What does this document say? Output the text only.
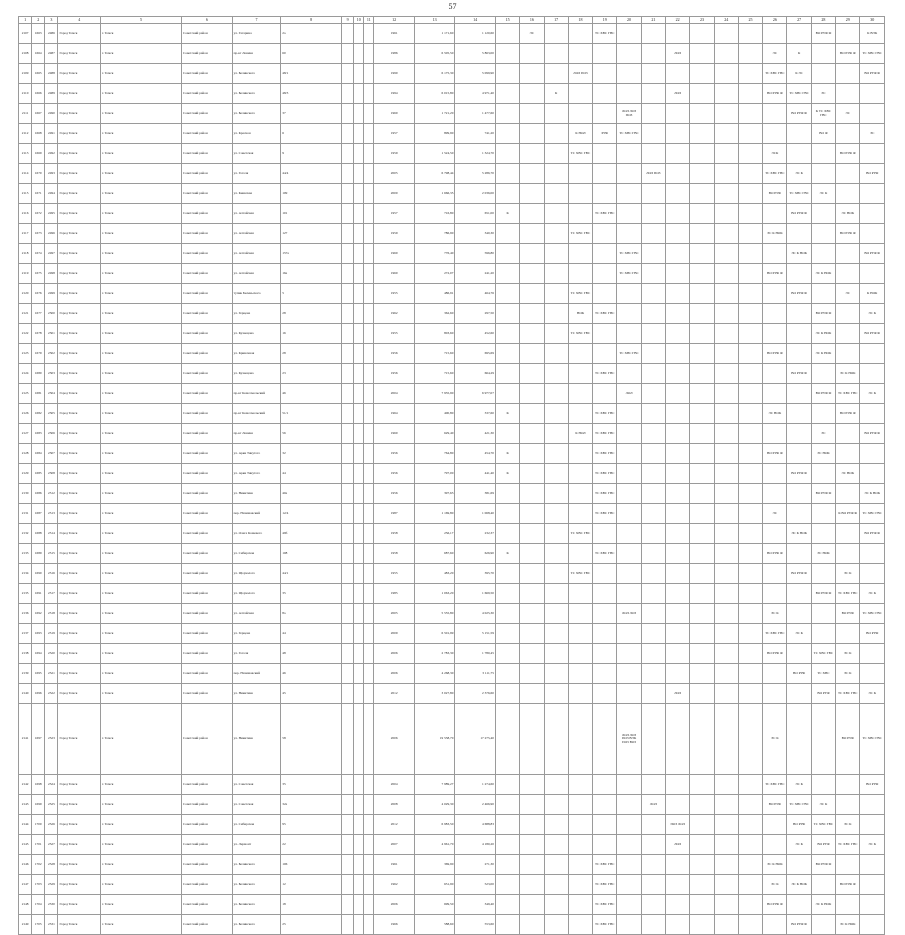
57
1	2	3	4	5	6	7	8	9	10	11	12	13	14	15	16	17	18	19	20	21	22	23	24	25	26	27	28	29	30
2107	1663	2486	Город Томск	г. Томск	Советский район	ул. Гагарина	2а				1961	1 171,60	1 120,60		ЭС			ТС ХВС ГВС									ВО РУФ Ф		К ВЭК
2108	1664	2487	Город Томск	г. Томск	Советский район	пр-кт Ленина	60				1986	6 505,50	5 863,00								ЛОЛ				ЭС	К		ВО РУФ Ф	ТС ХВС ГВС
2109	1665	2488	Город Томск	г. Томск	Советский район	ул. Белинского	48/1				1990	6 175,30	5 099,90				ЛОЛ ПОЗ								ТС ХВС ГВС	К ЭС			ВО РУФ Ф
2110	1666	2489	Город Томск	г. Томск	Советский район	ул. Белинского	48/3				1994	6 015,80	4 971,40			К					ЛОЛ				ВО РУФ Ф	ТС ХВС ГВС	ЭС		
2111	1667	2490	Город Томск	г. Томск	Советский район	ул. Белинского	37				1960	1 721,20	1 477,60						ЛОЛ ЛОЗ ПОЗ							ВО РУФ Ф	К ТС ХВС ГВС	ЭС	
2112	1668	2491	Город Томск	г. Томск	Советский район	ул. Красноя	6				1957	899,90	741,20				К НОЛ	РУФ	ТС ХВС ГВС								ВО Ф		ЭС
2113	1669	2492	Город Томск	г. Томск	Советский район	ул. Советская	9				1959	1 524,50	1 324,70				ТС ХВС ГВС								ЭСК			ВО РУФ Ф	
2114	1670	2493	Город Томск	г. Томск	Советский район	ул. Гоголя	44/4				2005	6 798,44	5 286,70							ЛОЛ ПОЗ					ТС ХВС ГВС	ЭС К			ВО РУФ
2115	1671	2494	Город Томск	г. Томск	Советский район	ул. Киевская	109				2000	1 666,35	2 036,00												ВО РУФ	ТС ХВС ГВС	ЭС К		
2116	1672	2495	Город Томск	г. Томск	Советский район	ул. Алтайская	101				1957	716,80	651,00	К				ТС ХВС ГВС								ВО РУФ Ф		ЭС НОК	
2117	1673	2496	Город Томск	г. Томск	Советский район	ул. Алтайская	127				1959	786,90	340,30				ТС ХВС ГВС								ЭС К НОК			ВО РУФ Ф	
2118	1674	2497	Город Томск	г. Томск	Советский район	ул. Алтайская	157а				1960	776,40	596,80						ТС ХВС ГВС							ЭС К НОК			ВО РУФ Ф
2119	1675	2498	Город Томск	г. Томск	Советский район	ул. Алтайская	16а				1960	272,07	241,20						ТС ХВС ГВС						ВО РУФ Ф		ЭС К НОК		
2120	1676	2499	Город Томск	г. Томск	Советский район	тупик Беленьского	5				1955	486,91	464,76				ТС ХВС ГВС									ВО РУФ Ф		ЭС	К НОК
2121	1677	2500	Город Томск	г. Томск	Советский район	ул. Герцена	28				1962	362,60	297,50				НОК	ТС ХВС ГВС									ВО РУФ Ф		ЭС К
2122	1678	2501	Город Томск	г. Томск	Советский район	ул. Кузнецова	16				1955	803,60	452,60				ТС ХВС ГВС										ЭС К НОК		ВО РУФ Ф
2123	1679	2502	Город Томск	г. Томск	Советский район	ул. Кривочная	28				1956	715,60	695,69						ТС ХВС ГВС						ВО РУФ Ф		ЭС К НОК		
2124	1680	2503	Город Томск	г. Томск	Советский район	ул. Кузнецова	23				1956	715,60	664,29					ТС ХВС ГВС								ВО РУФ Ф		ЭС К НОК	
2125	1681	2504	Город Томск	г. Томск	Советский район	пр-кт Комсомольский	46				2004	7 935,90	6 977,07						ЛОЛ								ВО РУФ Ф	ТС ХВС ГВС	ЭС К
2126	1682	2505	Город Томск	г. Томск	Советский район	пр-кт Комсомольский	51/1				1964	400,80	337,60	К				ТС ХВС ГВС							ЭС НОК			ВО РУФ Ф	
2127	1683	2506	Город Томск	г. Томск	Советский район	пр-кт Ленина	56				1960	629,40	421,30				К НОЛ	ТС ХВС ГВС									ЭС		ВО РУФ Ф
2128	1684	2507	Город Томск	г. Томск	Советский район	ул. Арки Тянутого	32				1956	764,80	454,70	К				ТС ХВС ГВС							ВО РУФ Ф		ЭС НОК		
2129	1685	2508	Город Томск	г. Томск	Советский район	ул. Арки Тянутого	44				1956	797,00	441,40	К				ТС ХВС ГВС								ВО РУФ Ф		ЭС НОК	
2130	1686	2512	Город Томск	г. Томск	Советский район	ул. Никитина	40а				1956	397,63	381,69					ТС ХВС ГВС									ВО РУФ Ф		ЭС К НОК
2131	1687	2513	Город Томск	г. Томск	Советский район	пер. Нахимовский	12/4				1987	1 169,80	1 068,40					ТС ХВС ГВС							ЭС			К ВО РУФ Ф	ТС ХВС ГВС
2132	1688	2514	Город Томск	г. Томск	Советский район	ул. Олега Кошевого	49б				1958	256,17	232,37				ТС ХВС ГВС									ЭС К НОК			ВО РУФ Ф
2133	1689	2515	Город Томск	г. Томск	Советский район	ул. Сибирская	108				1958	687,60	626,90	К				ТС ХВС ГВС							ВО РУФ Ф		ЭС НОК		
2134	1690	2516	Город Томск	г. Томск	Советский район	ул. Щорчалого	44/1				1955	483,20	395,70				ТС ХВС ГВС									ВО РУФ Ф		ЭС К	
2135	1691	2517	Город Томск	г. Томск	Советский район	ул. Щорчалого	35				1985	1 063,20	1 669,50														ВО РУФ Ф	ТС ХВС ГВС	ЭС К
2136	1692	2518	Город Томск	г. Томск	Советский район	ул. Алтайская	8а				2005	5 555,80	4 025,30						ЛОЛ ЛОЗ						ЭС К			ВО РУФ	ТС ХВС ГВС
2137	1693	2519	Город Томск	г. Томск	Советский район	ул. Герцена	44				2009	6 501,99	5 151,59												ТС ХВС ГВС	ЭС К			ВО РУФ
2138	1694	2520	Город Томск	г. Томск	Советский район	ул. Гоголя	48				2006	2 783,30	1 780,45												ВО РУФ Ф		ТС ХВС ГВС	ЭС К	
2139	1695	2521	Город Томск	г. Томск	Советский район	пер. Нахимовский	46				2006	4 268,30	3 111,75													ВО РУФ	ТС ХВС	ЭС К	
2140	1696	2522	Город Томск	г. Томск	Советский район	ул. Никитина	45				2012	3 027,80	2 376,60								ЛОЛ						ВО РУФ	ТС ХВС ГВС	ЭС К
2141	1697	2523	Город Томск	г. Томск	Советский район	ул. Никитина	58				2006	19 538,70	17 275,40						ЛОЛ ЛОЗ ПОЗ ВЭК ПОЗ ВОЗ						ЭС К			ВО РУФ	ТС ХВС ГВС
2142	1698	2524	Город Томск	г. Томск	Советский район	ул. Советская	35				2004	7 989,27	1 274,60												ТС ХВС ГВС	ЭС К			ВО РУФ
2143	1699	2525	Город Томск	г. Томск	Советский район	ул. Советская	32а				2008	4 029,30	2 466,90							ЛОЛ					ВО РУФ	ТС ХВС ГВС	ЭС К		
2144	1700	2526	Город Томск	г. Томск	Советский район	ул. Сибирская	95				2012	6 983,50	4 688,83								ПОЗ ЛОЛ					ВО РУФ	ТС ХВС ГВС	ЭС К	
2145	1701	2527	Город Томск	г. Томск	Советский район	ул. Лермонт	22				2007	4 961,70	4 180,20								ЛОЛ					ЭС К	ВО РУФ	ТС ХВС ГВС	ЭС К
2146	1702	2528	Город Томск	г. Томск	Советский район	ул. Белинского	106				1961	369,90	271,30					ТС ХВС ГВС							ЭС К НОК		ВО РУФ Ф		
2147	1703	2529	Город Томск	г. Томск	Советский район	ул. Белинского	12				1962	631,90	523,00					ТС ХВС ГВС							ЭС К	ЭС К НОК		ВО РУФ Ф	
2148	1704	2530	Город Томск	г. Томск	Советский район	ул. Белинского	18				2006	699,50	349,40					ТС ХВС ГВС							ВО РУФ Ф		ЭС К НОК		
2149	1705	2531	Город Томск	г. Томск	Советский район	ул. Белинского	25				1966	588,60	553,60					ТС ХВС ГВС								ВО РУФ Ф		ЭС К НОК	
